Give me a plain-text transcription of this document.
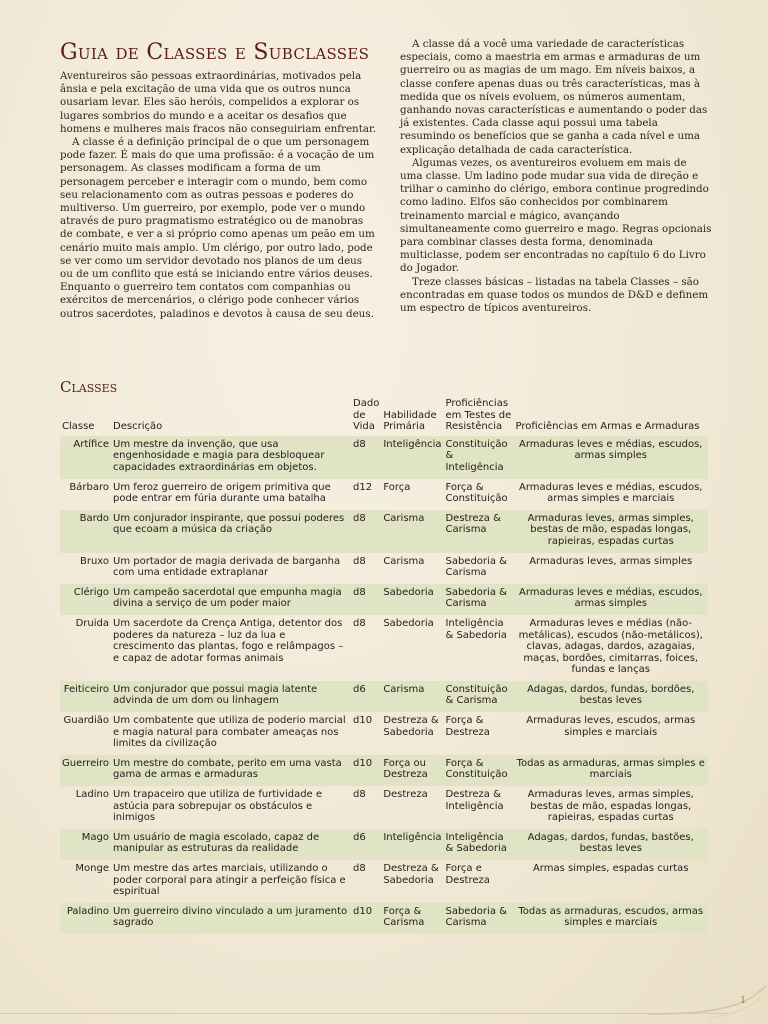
Guia de Classes e Subclasses

Aventureiros são pessoas extraordinárias, motivados pela ânsia e pela excitação de uma vida que os outros nunca ousariam levar. Eles são heróis, compelidos a explorar os lugares sombrios do mundo e a aceitar os desafios que homens e mulheres mais fracos não conseguiriam enfrentar.

A classe é a definição principal de o que um personagem pode fazer. É mais do que uma profissão: é a vocação de um personagem. As classes modificam a forma de um personagem perceber e interagir com o mundo, bem como seu relacionamento com as outras pessoas e poderes do multiverso. Um guerreiro, por exemplo, pode ver o mundo através de puro pragmatismo estratégico ou de manobras de combate, e ver a si próprio como apenas um peão em um cenário muito mais amplo. Um clérigo, por outro lado, pode se ver como um servidor devotado nos planos de um deus ou de um conflito que está se iniciando entre vários deuses. Enquanto o guerreiro tem contatos com companhias ou exércitos de mercenários, o clérigo pode conhecer vários outros sacerdotes, paladinos e devotos à causa de seu deus.

A classe dá a você uma variedade de características especiais, como a maestria em armas e armaduras de um guerreiro ou as magias de um mago. Em níveis baixos, a classe confere apenas duas ou três características, mas à medida que os níveis evoluem, os números aumentam, ganhando novas características e aumentando o poder das já existentes. Cada classe aqui possui uma tabela resumindo os benefícios que se ganha a cada nível e uma explicação detalhada de cada característica.

Algumas vezes, os aventureiros evoluem em mais de uma classe. Um ladino pode mudar sua vida de direção e trilhar o caminho do clérigo, embora continue progredindo como ladino. Elfos são conhecidos por combinarem treinamento marcial e mágico, avançando simultaneamente como guerreiro e mago. Regras opcionais para combinar classes desta forma, denominada multiclasse, podem ser encontradas no capítulo 6 do Livro do Jogador.

Treze classes básicas – listadas na tabela Classes – são encontradas em quase todos os mundos de D&D e definem um espectro de típicos aventureiros.

Classes
Classe	Descrição	Dado de Vida	Habilidade Primária	Proficiências em Testes de Resistência	Proficiências em Armas e Armaduras
Artífice	Um mestre da invenção, que usa engenhosidade e magia para desbloquear capacidades extraordinárias em objetos.	d8	Inteligência	Constituição & Inteligência	Armaduras leves e médias, escudos, armas simples
Bárbaro	Um feroz guerreiro de origem primitiva que pode entrar em fúria durante uma batalha	d12	Força	Força & Constituição	Armaduras leves e médias, escudos, armas simples e marciais
Bardo	Um conjurador inspirante, que possui poderes que ecoam a música da criação	d8	Carisma	Destreza & Carisma	Armaduras leves, armas simples, bestas de mão, espadas longas, rapieiras, espadas curtas
Bruxo	Um portador de magia derivada de barganha com uma entidade extraplanar	d8	Carisma	Sabedoria & Carisma	Armaduras leves, armas simples
Clérigo	Um campeão sacerdotal que empunha magia divina a serviço de um poder maior	d8	Sabedoria	Sabedoria & Carisma	Armaduras leves e médias, escudos, armas simples
Druida	Um sacerdote da Crença Antiga, detentor dos poderes da natureza – luz da lua e crescimento das plantas, fogo e relâmpagos – e capaz de adotar formas animais	d8	Sabedoria	Inteligência & Sabedoria	Armaduras leves e médias (não-metálicas), escudos (não-metálicos), clavas, adagas, dardos, azagaias, maças, bordões, cimitarras, foices, fundas e lanças
Feiticeiro	Um conjurador que possui magia latente advinda de um dom ou linhagem	d6	Carisma	Constituição & Carisma	Adagas, dardos, fundas, bordões, bestas leves
Guardião	Um combatente que utiliza de poderio marcial e magia natural para combater ameaças nos limites da civilização	d10	Destreza & Sabedoria	Força & Destreza	Armaduras leves, escudos, armas simples e marciais
Guerreiro	Um mestre do combate, perito em uma vasta gama de armas e armaduras	d10	Força ou Destreza	Força & Constituição	Todas as armaduras, armas simples e marciais
Ladino	Um trapaceiro que utiliza de furtividade e astúcia para sobrepujar os obstáculos e inimigos	d8	Destreza	Destreza & Inteligência	Armaduras leves, armas simples, bestas de mão, espadas longas, rapieiras, espadas curtas
Mago	Um usuário de magia escolado, capaz de manipular as estruturas da realidade	d6	Inteligência	Inteligência & Sabedoria	Adagas, dardos, fundas, bastões, bestas leves
Monge	Um mestre das artes marciais, utilizando o poder corporal para atingir a perfeição física e espiritual	d8	Destreza & Sabedoria	Força e Destreza	Armas simples, espadas curtas
Paladino	Um guerreiro divino vinculado a um juramento sagrado	d10	Força & Carisma	Sabedoria & Carisma	Todas as armaduras, escudos, armas simples e marciais
1
